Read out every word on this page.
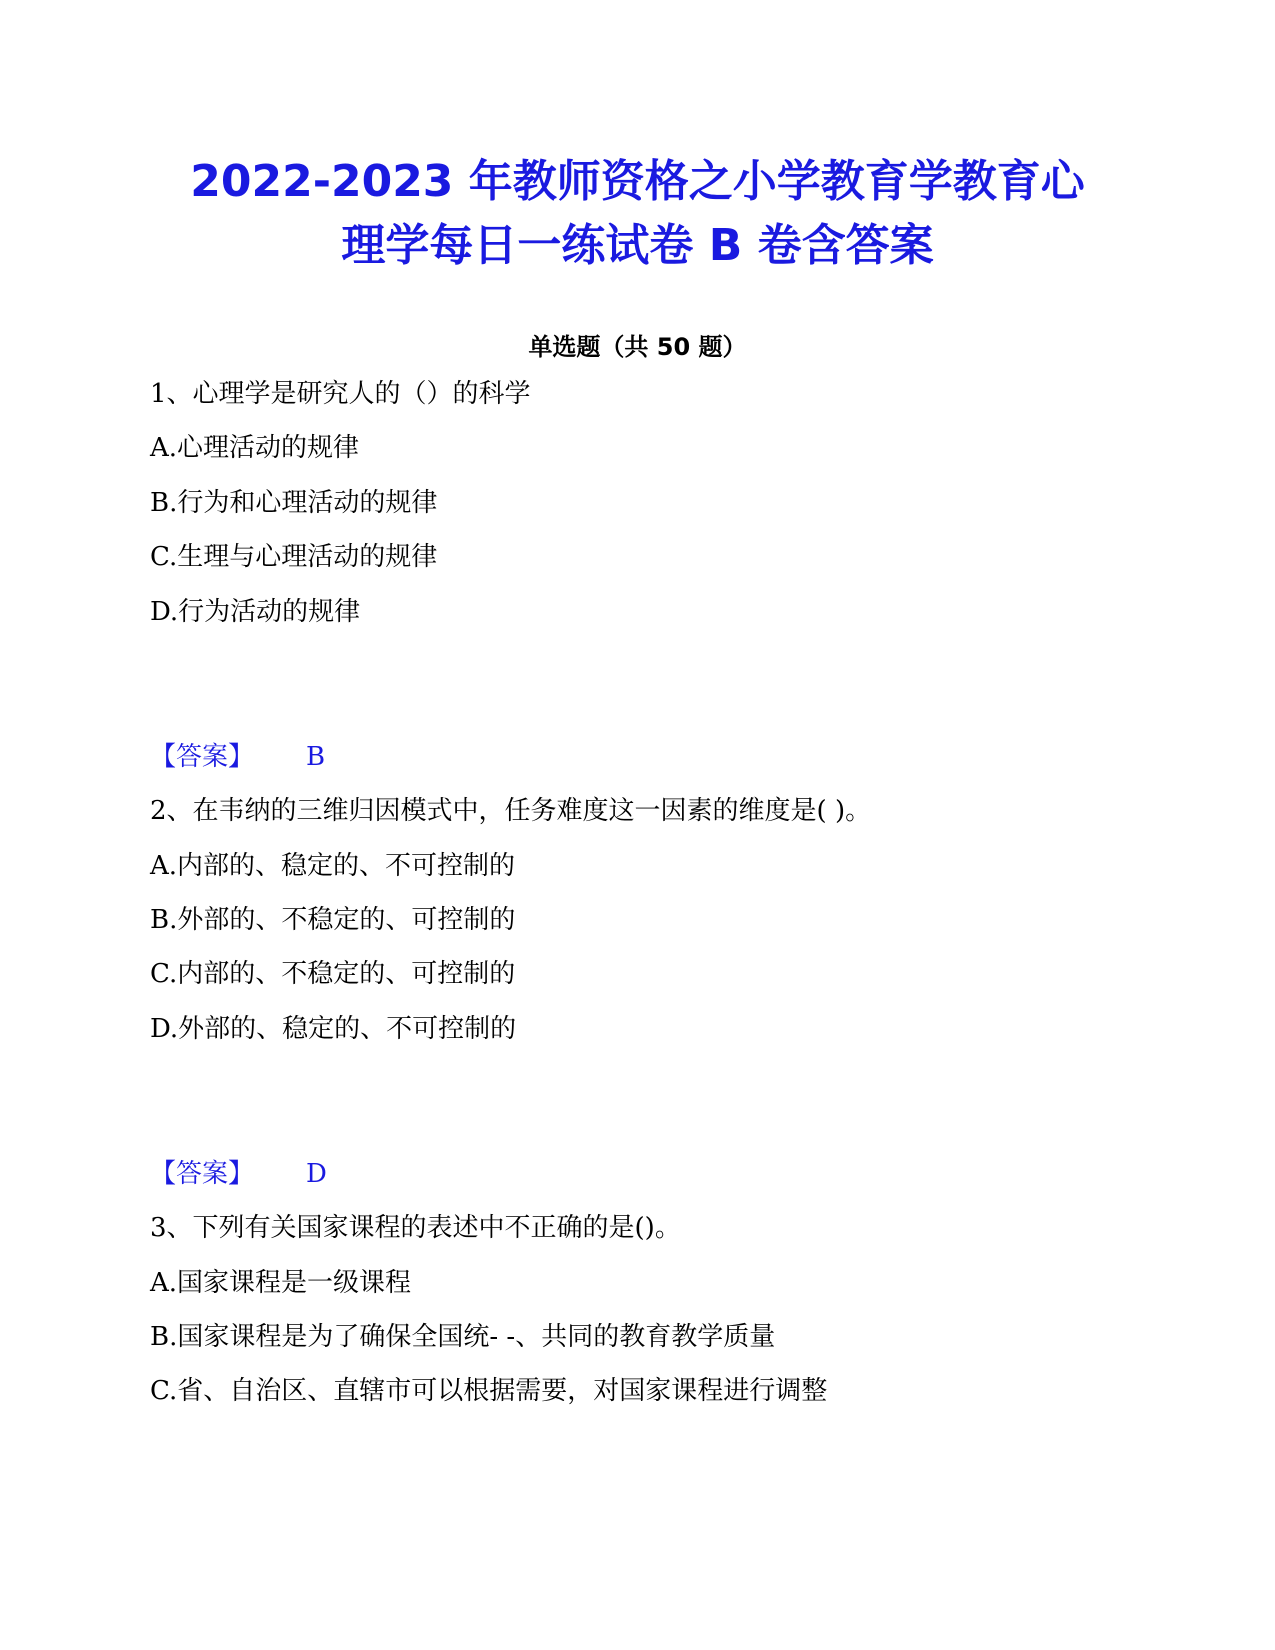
2022-2023 年教师资格之小学教育学教育心
理学每日一练试卷 B 卷含答案
单选题（共 50 题）
1、心理学是研究人的（）的科学
A.心理活动的规律
B.行为和心理活动的规律
C.生理与心理活动的规律
D.行为活动的规律
【答案】 B
2、在韦纳的三维归因模式中，任务难度这一因素的维度是( )。
A.内部的、稳定的、不可控制的
B.外部的、不稳定的、可控制的
C.内部的、不稳定的、可控制的
D.外部的、稳定的、不可控制的
【答案】 D
3、下列有关国家课程的表述中不正确的是()。
A.国家课程是一级课程
B.国家课程是为了确保全国统- -、共同的教育教学质量
C.省、自治区、直辖市可以根据需要，对国家课程进行调整
